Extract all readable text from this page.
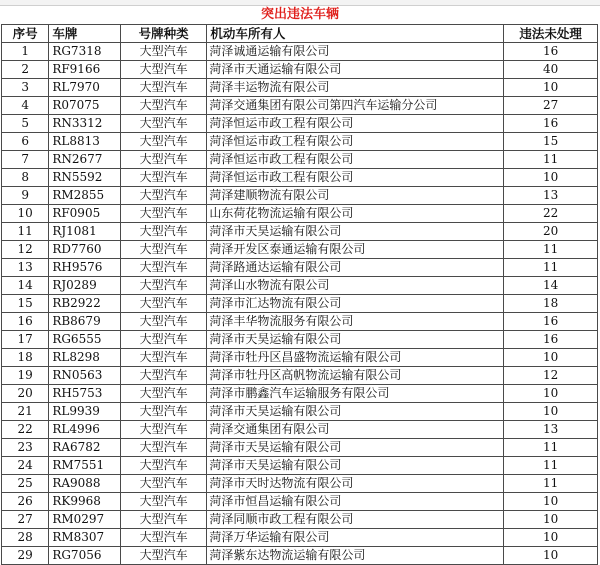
突出违法车辆
序号	车牌	号牌种类	机动车所有人	违法未处理
1	RG7318	大型汽车	菏泽诚通运输有限公司	16
2	RF9166	大型汽车	菏泽市天通运输有限公司	40
3	RL7970	大型汽车	菏泽丰运物流有限公司	10
4	R07075	大型汽车	菏泽交通集团有限公司第四汽车运输分公司	27
5	RN3312	大型汽车	菏泽恒运市政工程有限公司	16
6	RL8813	大型汽车	菏泽恒运市政工程有限公司	15
7	RN2677	大型汽车	菏泽恒运市政工程有限公司	11
8	RN5592	大型汽车	菏泽恒运市政工程有限公司	10
9	RM2855	大型汽车	菏泽建顺物流有限公司	13
10	RF0905	大型汽车	山东荷花物流运输有限公司	22
11	RJ1081	大型汽车	菏泽市天昊运输有限公司	20
12	RD7760	大型汽车	菏泽开发区泰通运输有限公司	11
13	RH9576	大型汽车	菏泽路通达运输有限公司	11
14	RJ0289	大型汽车	菏泽山水物流有限公司	14
15	RB2922	大型汽车	菏泽市汇达物流有限公司	18
16	RB8679	大型汽车	菏泽丰华物流服务有限公司	16
17	RG6555	大型汽车	菏泽市天昊运输有限公司	16
18	RL8298	大型汽车	菏泽市牡丹区昌盛物流运输有限公司	10
19	RN0563	大型汽车	菏泽市牡丹区高帆物流运输有限公司	12
20	RH5753	大型汽车	菏泽市鹏鑫汽车运输服务有限公司	10
21	RL9939	大型汽车	菏泽市天昊运输有限公司	10
22	RL4996	大型汽车	菏泽交通集团有限公司	13
23	RA6782	大型汽车	菏泽市天昊运输有限公司	11
24	RM7551	大型汽车	菏泽市天昊运输有限公司	11
25	RA9088	大型汽车	菏泽市天时达物流有限公司	11
26	RK9968	大型汽车	菏泽市恒昌运输有限公司	10
27	RM0297	大型汽车	菏泽同顺市政工程有限公司	10
28	RM8307	大型汽车	菏泽万华运输有限公司	10
29	RG7056	大型汽车	菏泽紫东达物流运输有限公司	10
